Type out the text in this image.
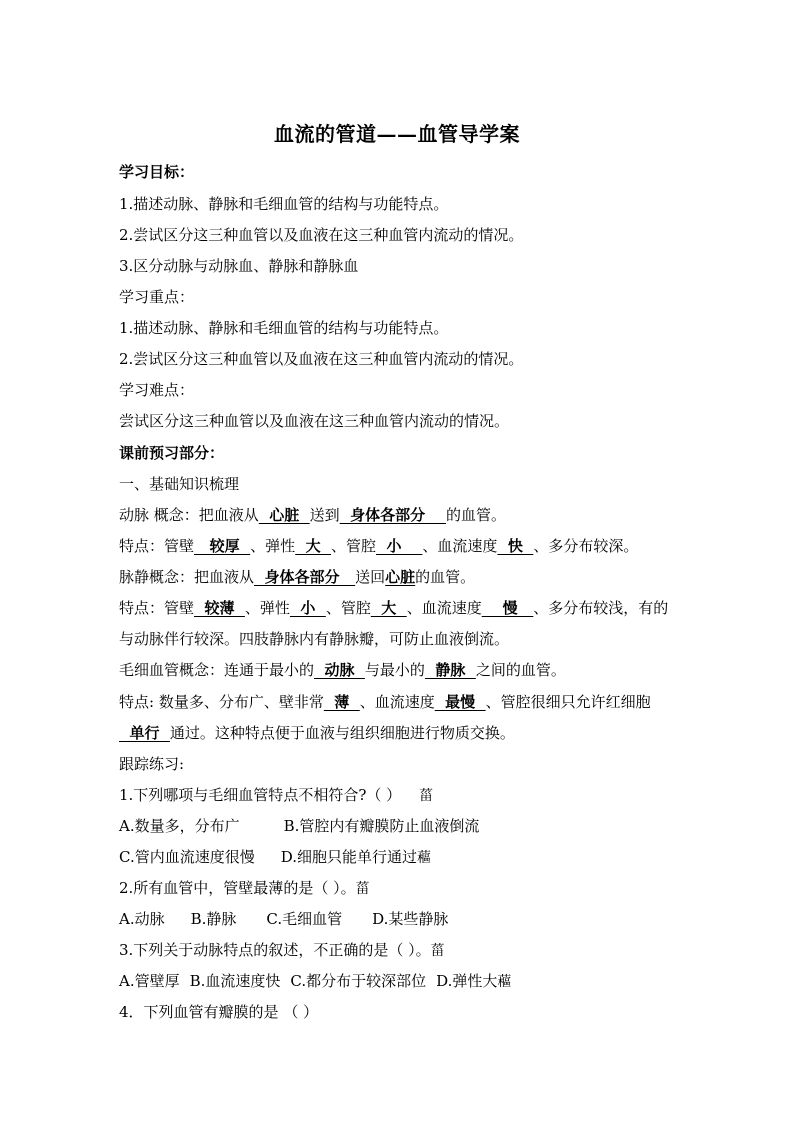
血流的管道——血管导学案
学习目标：
1.描述动脉、静脉和毛细血管的结构与功能特点。
2.尝试区分这三种血管以及血液在这三种血管内流动的情况。
3.区分动脉与动脉血、静脉和静脉血
学习重点：
1.描述动脉、静脉和毛细血管的结构与功能特点。
2.尝试区分这三种血管以及血液在这三种血管内流动的情况。
学习难点：
尝试区分这三种血管以及血液在这三种血管内流动的情况。
课前预习部分：
一、基础知识梳理
动脉 概念：把血液从  心脏  送到  身体各部分    的血管。
特点：管壁   较厚  、弹性  大  、管腔  小    、血流速度  快  、多分布较深。
脉静概念：把血液从  身体各部分   送回心脏的血管。
特点：管壁  较薄  、弹性  小  、管腔  大  、血流速度    慢   、多分布较浅，有的
与动脉伴行较深。四肢静脉内有静脉瓣，可防止血液倒流。
毛细血管概念：连通于最小的  动脉  与最小的  静脉  之间的血管。
特点: 数量多、分布广、壁非常  薄  、血流速度  最慢  、管腔很细只允许红细胞
单行  通过。这种特点便于血液与组织细胞进行物质交换。
跟踪练习:
1.下列哪项与毛细血管特点不相符合?（ ） 菑
A.数量多，分布广	B.管腔内有瓣膜防止血液倒流
C.管内血流速度很慢 D.细胞只能单行通过藲
2.所有血管中，管壁最薄的是（ ）。菑
A.动脉 B.静脉 C.毛细血管 D.某些静脉
3.下列关于动脉特点的叙述，不正确的是（ ）。菑
A.管壁厚 B.血流速度快 C.都分布于较深部位 D.弹性大藲
4．下列血管有瓣膜的是 （ ）
